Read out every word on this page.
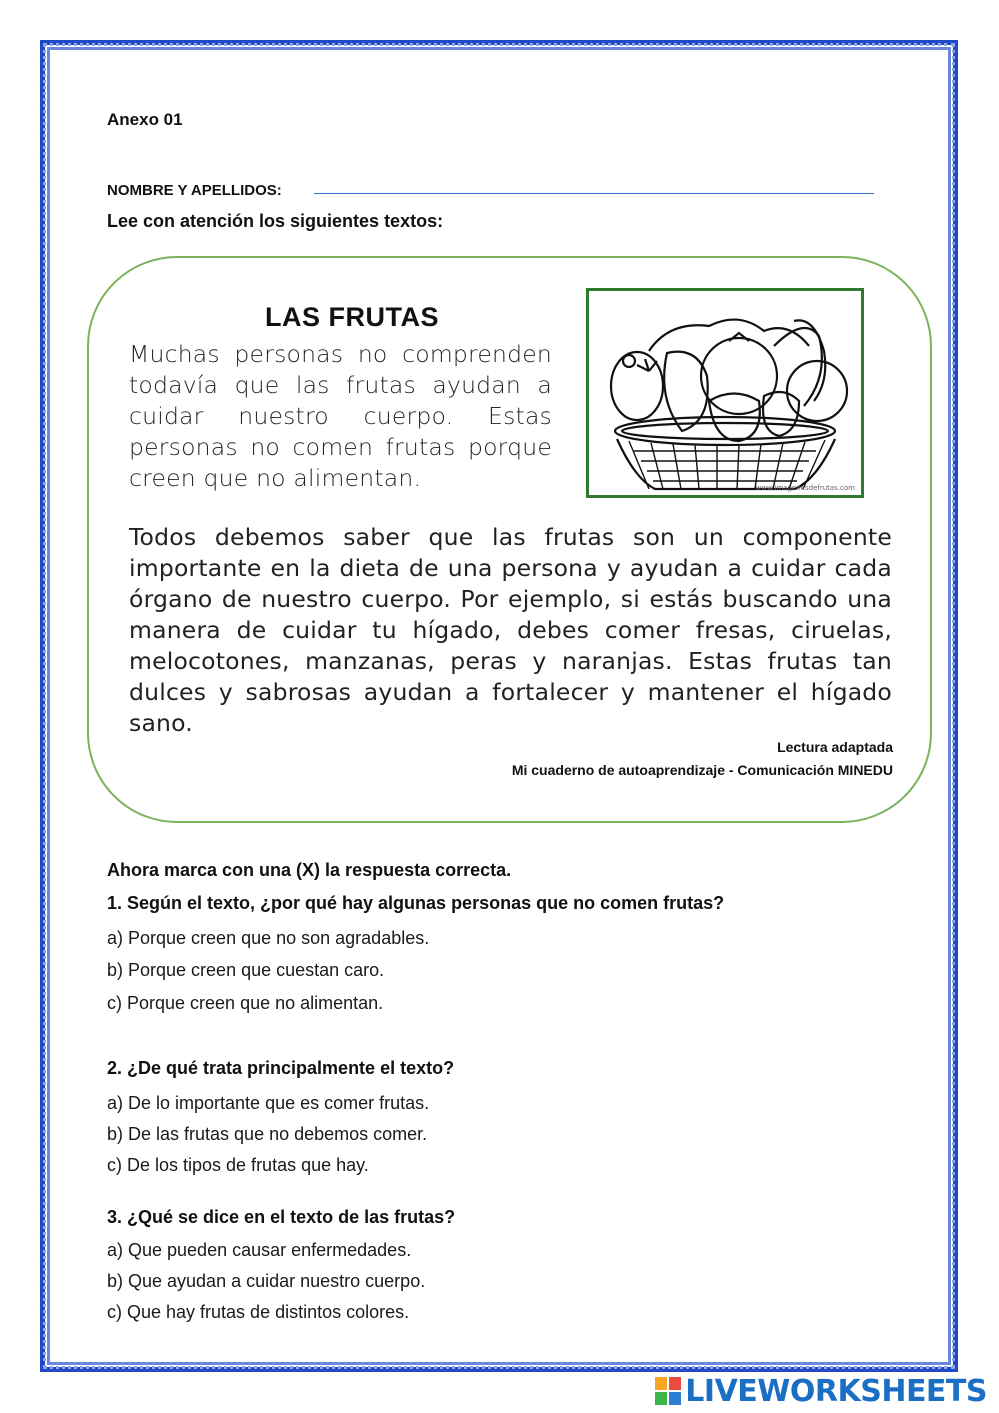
Anexo 01
NOMBRE Y APELLIDOS:
Lee con atención los siguientes textos:
LAS FRUTAS
Muchas personas no comprenden todavía que las frutas ayudan a cuidar nuestro cuerpo. Estas personas no comen frutas porque creen que no alimentan.	www.imagenesdefrutas.com
Todos debemos saber que las frutas son un componente importante en la dieta de una persona y ayudan a cuidar cada órgano de nuestro cuerpo. Por ejemplo, si estás buscando una manera de cuidar tu hígado, debes comer fresas, ciruelas, melocotones, manzanas, peras y naranjas. Estas frutas tan dulces y sabrosas ayudan a fortalecer y mantener el hígado sano.
Lectura adaptada
Mi cuaderno de autoaprendizaje - Comunicación MINEDU
Ahora marca con una (X) la respuesta correcta.
1. Según el texto, ¿por qué hay algunas personas que no comen frutas?
a) Porque creen que no son agradables.
b) Porque creen que cuestan caro.
c) Porque creen que no alimentan.
2. ¿De qué trata principalmente el texto?
a) De lo importante que es comer frutas.
b) De las frutas que no debemos comer.
c) De los tipos de frutas que hay.
3. ¿Qué se dice en el texto de las frutas?
a) Que pueden causar enfermedades.
b) Que ayudan a cuidar nuestro cuerpo.
c) Que hay frutas de distintos colores.
LIVEWORKSHEETS
